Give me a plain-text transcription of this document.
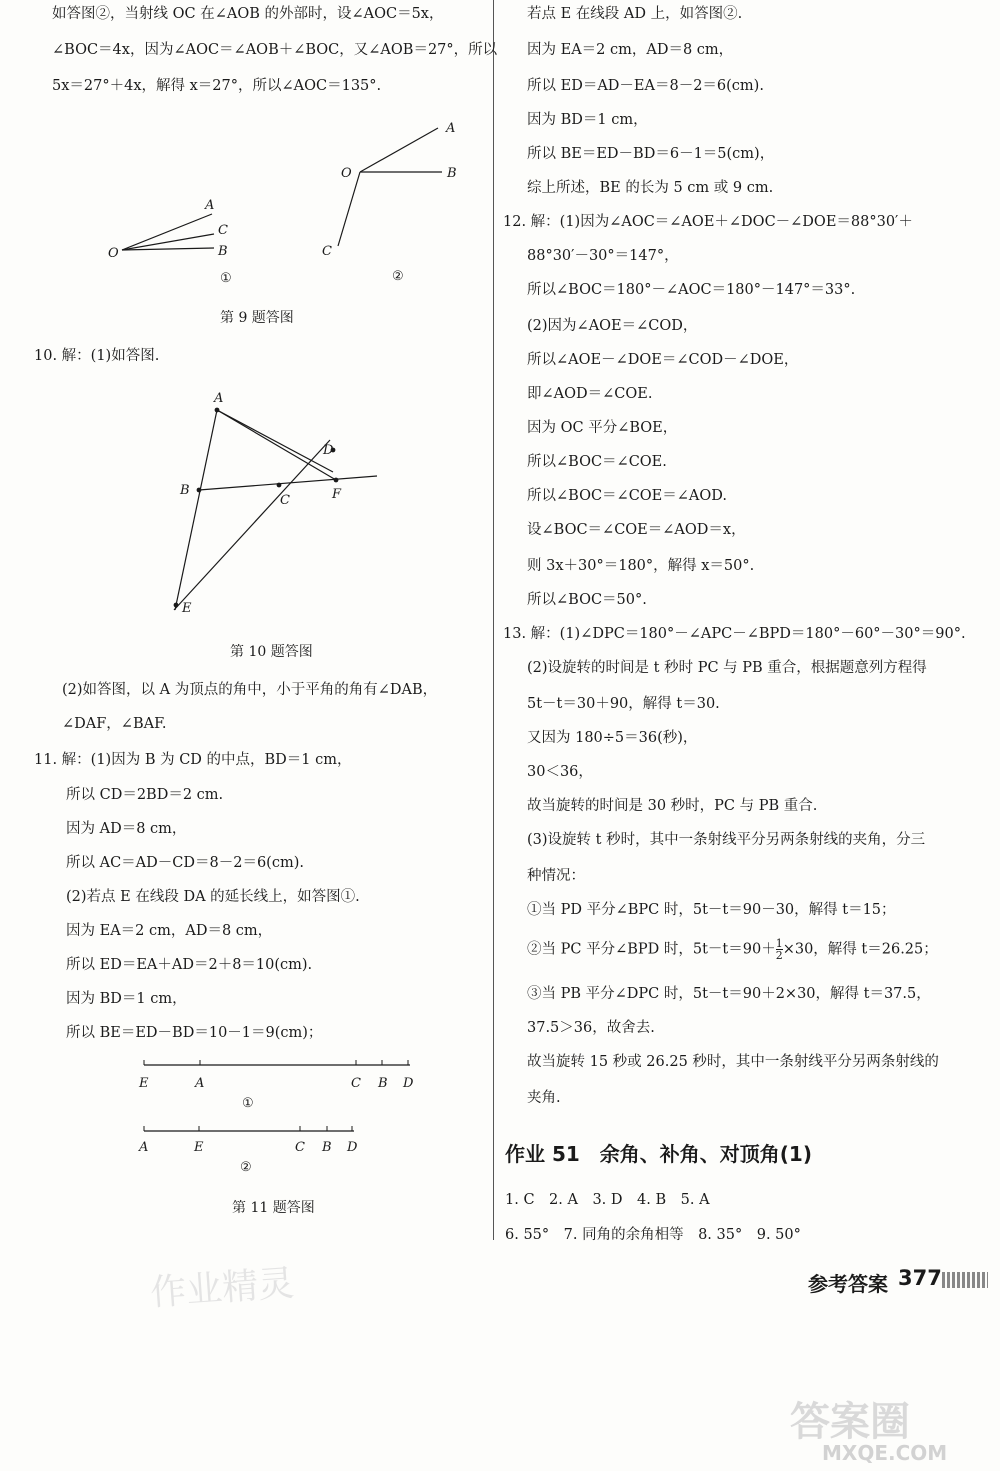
如答图②，当射线 OC 在∠AOB 的外部时，设∠AOC＝5x，
∠BOC＝4x，因为∠AOC＝∠AOB＋∠BOC，又∠AOB＝27°，所以
5x＝27°＋4x，解得 x＝27°，所以∠AOC＝135°.
A
C
B
O
①
O
A
B
C
②
第 9 题答图
10. 解：(1)如答图.
A
D
B
C	F
E
第 10 题答图
(2)如答图，以 A 为顶点的角中，小于平角的角有∠DAB，
∠DAF，∠BAF.
11. 解：(1)因为 B 为 CD 的中点，BD＝1 cm，
所以 CD＝2BD＝2 cm.
因为 AD＝8 cm，
所以 AC＝AD－CD＝8－2＝6(cm).
(2)若点 E 在线段 DA 的延长线上，如答图①.
因为 EA＝2 cm，AD＝8 cm，
所以 ED＝EA＋AD＝2＋8＝10(cm).
因为 BD＝1 cm，
所以 BE＝ED－BD＝10－1＝9(cm)；
E	A	C B D
①
A	E	C B D
②
第 11 题答图
若点 E 在线段 AD 上，如答图②.
因为 EA＝2 cm，AD＝8 cm，
所以 ED＝AD－EA＝8－2＝6(cm).
因为 BD＝1 cm，
所以 BE＝ED－BD＝6－1＝5(cm)，
综上所述，BE 的长为 5 cm 或 9 cm.
12. 解：(1)因为∠AOC＝∠AOE＋∠DOC－∠DOE＝88°30′＋
88°30′－30°＝147°，
所以∠BOC＝180°－∠AOC＝180°－147°＝33°.
(2)因为∠AOE＝∠COD，
所以∠AOE－∠DOE＝∠COD－∠DOE，
即∠AOD＝∠COE.
因为 OC 平分∠BOE，
所以∠BOC＝∠COE.
所以∠BOC＝∠COE＝∠AOD.
设∠BOC＝∠COE＝∠AOD＝x，
则 3x＋30°＝180°，解得 x＝50°.
所以∠BOC＝50°.
13. 解：(1)∠DPC＝180°－∠APC－∠BPD＝180°－60°－30°＝90°.
(2)设旋转的时间是 t 秒时 PC 与 PB 重合，根据题意列方程得
5t－t＝30＋90，解得 t＝30.
又因为 180÷5＝36(秒)，
30＜36，
故当旋转的时间是 30 秒时，PC 与 PB 重合.
(3)设旋转 t 秒时，其中一条射线平分另两条射线的夹角，分三
种情况：
①当 PD 平分∠BPC 时，5t－t＝90－30，解得 t＝15；
②当 PC 平分∠BPD 时，$5t-t=90+ \frac{1}{2} \times 30$，解得 t＝26.25；
③当 PB 平分∠DPC 时，5t－t＝90＋2×30，解得 t＝37.5，
37.5＞36，故舍去.
故当旋转 15 秒或 26.25 秒时，其中一条射线平分另两条射线的
夹角.
1. C　2. A　3. D　4. B　5. A
6. 55°　7. 同角的余角相等　8. 35°　9. 50°
作业 51　余角、补角、对顶角(1)
作业精灵	参考答案 377
答案圈
MXQE.COM
